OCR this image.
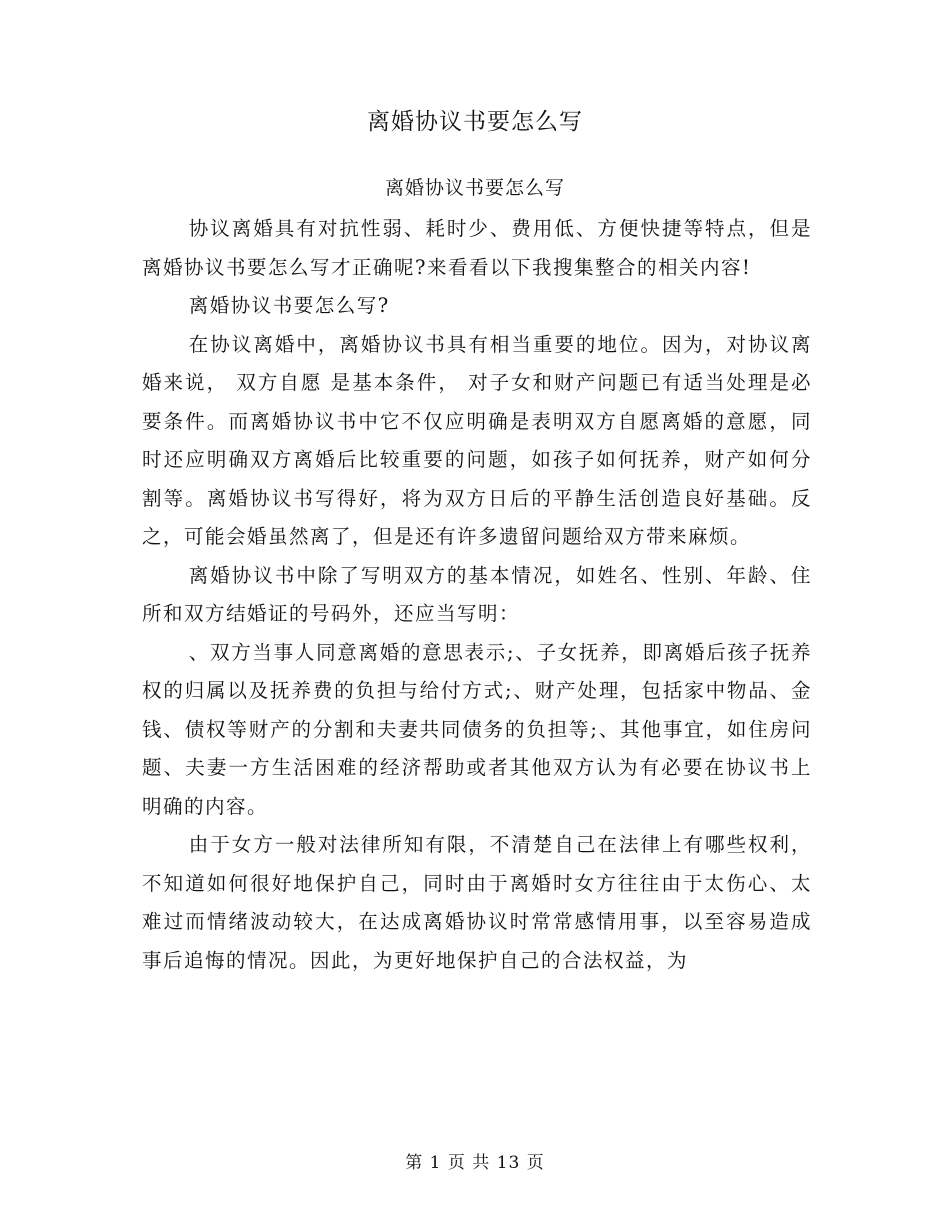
离婚协议书要怎么写
离婚协议书要怎么写

协议离婚具有对抗性弱、耗时少、费用低、方便快捷等特点，但是离婚协议书要怎么写才正确呢?来看看以下我搜集整合的相关内容!

离婚协议书要怎么写?

在协议离婚中，离婚协议书具有相当重要的地位。因为，对协议离婚来说， 双方自愿 是基本条件， 对子女和财产问题已有适当处理是必要条件。而离婚协议书中它不仅应明确是表明双方自愿离婚的意愿，同时还应明确双方离婚后比较重要的问题，如孩子如何抚养，财产如何分割等。离婚协议书写得好，将为双方日后的平静生活创造良好基础。反之，可能会婚虽然离了，但是还有许多遗留问题给双方带来麻烦。

离婚协议书中除了写明双方的基本情况，如姓名、性别、年龄、住所和双方结婚证的号码外，还应当写明：

、双方当事人同意离婚的意思表示;、子女抚养，即离婚后孩子抚养权的归属以及抚养费的负担与给付方式;、财产处理，包括家中物品、金钱、债权等财产的分割和夫妻共同债务的负担等;、其他事宜，如住房问题、夫妻一方生活困难的经济帮助或者其他双方认为有必要在协议书上明确的内容。

由于女方一般对法律所知有限，不清楚自己在法律上有哪些权利，不知道如何很好地保护自己，同时由于离婚时女方往往由于太伤心、太难过而情绪波动较大，在达成离婚协议时常常感情用事，以至容易造成事后追悔的情况。因此，为更好地保护自己的合法权益，为

第 1 页 共 13 页
